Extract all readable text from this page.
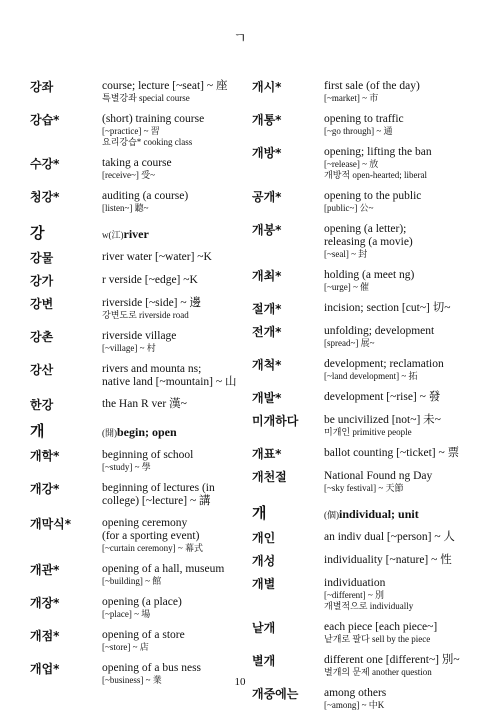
ㄱ
강좌	course; lecture [~seat] ~ 座
특별강좌 special course
강습*	(short) training course
[~practice] ~ 習
요리강습* cooking class
수강*	taking a course
[receive~] 受~
청강*	auditing (a course)
[listen~] 聽~
강	w(江) river
강물	river water [~water] ~K
강가	r verside [~edge] ~K
강변	riverside [~side] ~ 邊
강변도로 riverside road
강촌	riverside village
[~village] ~ 村
강산	rivers and mounta ns;
native land [~mountain] ~ 山
한강	the Han R ver 漢~
개	(開) begin; open
개학*	beginning of school
[~study] ~ 學
개강*	beginning of lectures (in
college) [~lecture] ~ 講
개막식*	opening ceremony
(for a sporting event)
[~curtain ceremony] ~ 幕式
개관*	opening of a hall, museum
[~building] ~ 館
개장*	opening (a place)
[~place] ~ 場
개점*	opening of a store
[~store] ~ 店
개업*	opening of a bus ness
[~business] ~ 業
개시*	first sale (of the day)
[~market] ~ 市
개통*	opening to traffic
[~go through] ~ 通
개방*	opening; lifting the ban
[~release] ~ 放
개방적 open-hearted; liberal
공개*	opening to the public
[public~] 公~
개봉*	opening (a letter);
releasing (a movie)
[~seal] ~ 封
개최*	holding (a meet ng)
[~urge] ~ 催
절개*	incision; section [cut~] 切~
전개*	unfolding; development
[spread~] 展~
개척*	development; reclamation
[~land development] ~ 拓
개발*	development [~rise] ~ 發
미개하다	be uncivilized [not~] 未~
미개인 primitive people
개표*	ballot counting [~ticket] ~ 票
개천절	National Found ng Day
[~sky festival] ~ 天節
개	(個) individual; unit
개인	an indiv dual [~person] ~ 人
개성	individuality [~nature] ~ 性
개별	individuation
[~different] ~ 別
개별적으로 individually
낱개	each piece [each piece~]
낱개로 팔다 sell by the piece
별개	different one [different~] 別~
별개의 문제 another question
개중에는	among others
[~among] ~ 中K
10
